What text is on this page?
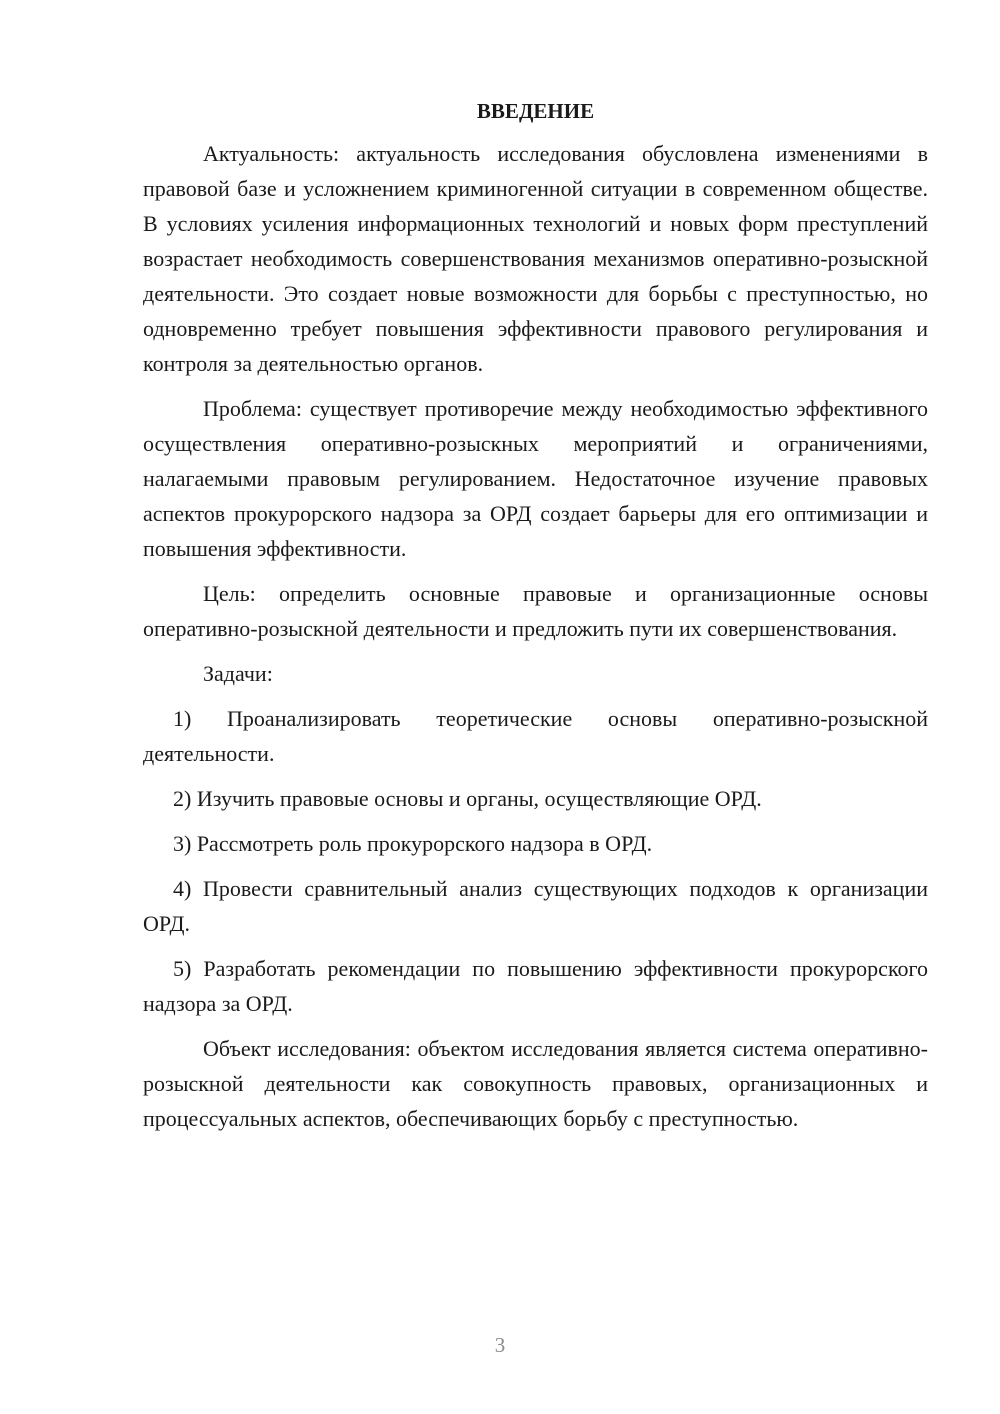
ВВЕДЕНИЕ

Актуальность: актуальность исследования обусловлена изменениями в правовой базе и усложнением криминогенной ситуации в современном обществе. В условиях усиления информационных технологий и новых форм преступлений возрастает необходимость совершенствования механизмов оперативно-розыскной деятельности. Это создает новые возможности для борьбы с преступностью, но одновременно требует повышения эффективности правового регулирования и контроля за деятельностью органов.

Проблема: существует противоречие между необходимостью эффективного осуществления оперативно-розыскных мероприятий и ограничениями, налагаемыми правовым регулированием. Недостаточное изучение правовых аспектов прокурорского надзора за ОРД создает барьеры для его оптимизации и повышения эффективности.

Цель: определить основные правовые и организационные основы оперативно-розыскной деятельности и предложить пути их совершенствования.

Задачи:

1) Проанализировать теоретические основы оперативно-розыскной деятельности.

2) Изучить правовые основы и органы, осуществляющие ОРД.

3) Рассмотреть роль прокурорского надзора в ОРД.

4) Провести сравнительный анализ существующих подходов к организации ОРД.

5) Разработать рекомендации по повышению эффективности прокурорского надзора за ОРД.

Объект исследования: объектом исследования является система оперативно-розыскной деятельности как совокупность правовых, организационных и процессуальных аспектов, обеспечивающих борьбу с преступностью.

3
